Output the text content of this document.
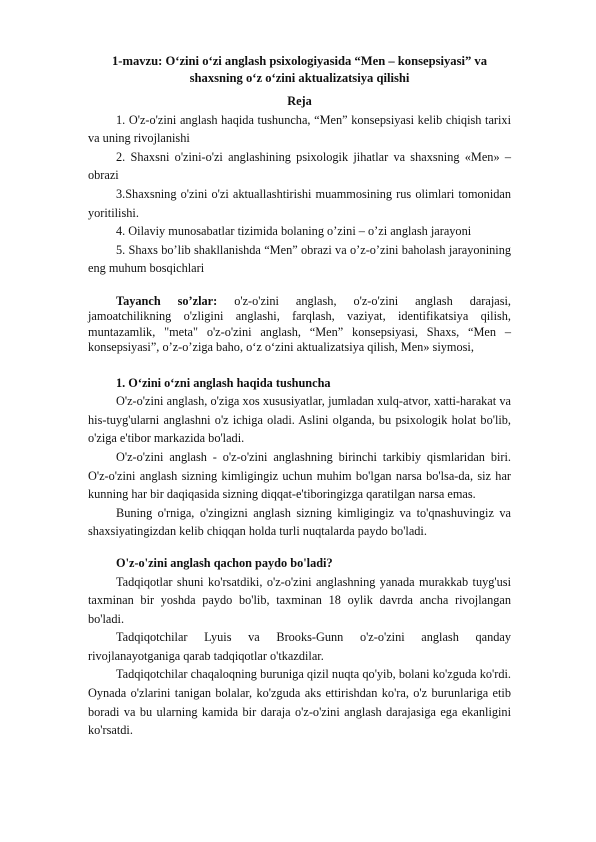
1-mavzu: O‘zini o‘zi anglash psixologiyasida “Men – konsepsiyasi” va shaxsning o‘z o‘zini aktualizatsiya qilishi

Reja

1. O'z-o'zini anglash haqida tushuncha, “Men” konsepsiyasi kelib chiqish tarixi va uning rivojlanishi

2. Shaxsni o'zini-o'zi anglashining psixologik jihatlar va shaxsning «Men» – obrazi

3.Shaxsning o'zini o'zi aktuallashtirishi muammosining rus olimlari tomonidan yoritilishi.

4. Oilaviy munosabatlar tizimida bolaning o’zini – o’zi anglash jarayoni

5. Shaxs bo’lib shakllanishda “Men” obrazi va o’z-o’zini baholash jarayonining eng muhum bosqichlari

Tayanch so’zlar: o'z-o'zini anglash, o'z-o'zini anglash darajasi, jamoatchilikning o'zligini anglashi, farqlash, vaziyat, identifikatsiya qilish, muntazamlik, "meta" o'z-o'zini anglash, “Men” konsepsiyasi, Shaxs, “Men – konsepsiyasi”, o’z-o’ziga baho, o‘z o‘zini aktualizatsiya qilish, Men» siymosi,

1. O‘zini o‘zni anglash haqida tushuncha

O'z-o'zini anglash, o'ziga xos xususiyatlar, jumladan xulq-atvor, xatti-harakat va his-tuyg'ularni anglashni o'z ichiga oladi. Aslini olganda, bu psixologik holat bo'lib, o'ziga e'tibor markazida bo'ladi.

O'z-o'zini anglash - o'z-o'zini anglashning birinchi tarkibiy qismlaridan biri. O'z-o'zini anglash sizning kimligingiz uchun muhim bo'lgan narsa bo'lsa-da, siz har kunning har bir daqiqasida sizning diqqat-e'tiboringizga qaratilgan narsa emas.

Buning o'rniga, o'zingizni anglash sizning kimligingiz va to'qnashuvingiz va shaxsiyatingizdan kelib chiqqan holda turli nuqtalarda paydo bo'ladi.

O'z-o'zini anglash qachon paydo bo'ladi?

Tadqiqotlar shuni ko'rsatdiki, o'z-o'zini anglashning yanada murakkab tuyg'usi taxminan bir yoshda paydo bo'lib, taxminan 18 oylik davrda ancha rivojlangan bo'ladi.

Tadqiqotchilar Lyuis va Brooks-Gunn o'z-o'zini anglash qanday rivojlanayotganiga qarab tadqiqotlar o'tkazdilar.

Tadqiqotchilar chaqaloqning buruniga qizil nuqta qo'yib, bolani ko'zguda ko'rdi. Oynada o'zlarini tanigan bolalar, ko'zguda aks ettirishdan ko'ra, o'z burunlariga etib boradi va bu ularning kamida bir daraja o'z-o'zini anglash darajasiga ega ekanligini ko'rsatdi.
